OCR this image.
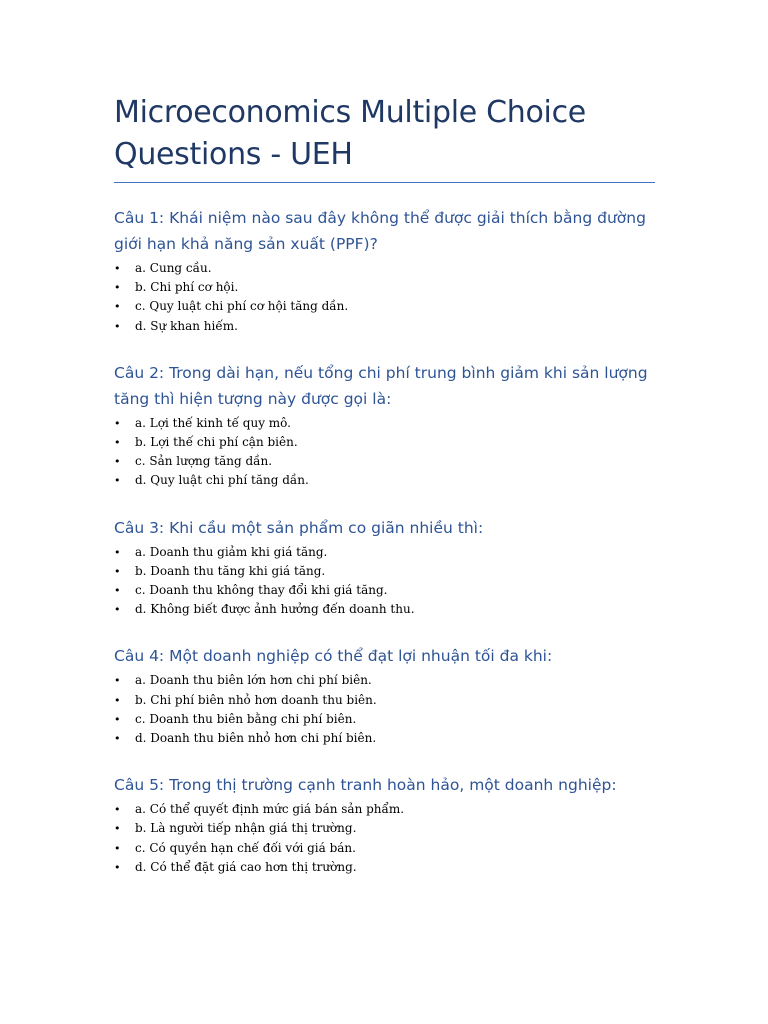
Microeconomics Multiple Choice Questions - UEH

Câu 1: Khái niệm nào sau đây không thể được giải thích bằng đường giới hạn khả năng sản xuất (PPF)?

• a. Cung cầu.
• b. Chi phí cơ hội.
• c. Quy luật chi phí cơ hội tăng dần.
• d. Sự khan hiếm.

Câu 2: Trong dài hạn, nếu tổng chi phí trung bình giảm khi sản lượng tăng thì hiện tượng này được gọi là:

• a. Lợi thế kinh tế quy mô.
• b. Lợi thế chi phí cận biên.
• c. Sản lượng tăng dần.
• d. Quy luật chi phí tăng dần.

Câu 3: Khi cầu một sản phẩm co giãn nhiều thì:

• a. Doanh thu giảm khi giá tăng.
• b. Doanh thu tăng khi giá tăng.
• c. Doanh thu không thay đổi khi giá tăng.
• d. Không biết được ảnh hưởng đến doanh thu.

Câu 4: Một doanh nghiệp có thể đạt lợi nhuận tối đa khi:

• a. Doanh thu biên lớn hơn chi phí biên.
• b. Chi phí biên nhỏ hơn doanh thu biên.
• c. Doanh thu biên bằng chi phí biên.
• d. Doanh thu biên nhỏ hơn chi phí biên.

Câu 5: Trong thị trường cạnh tranh hoàn hảo, một doanh nghiệp:

• a. Có thể quyết định mức giá bán sản phẩm.
• b. Là người tiếp nhận giá thị trường.
• c. Có quyền hạn chế đối với giá bán.
• d. Có thể đặt giá cao hơn thị trường.
